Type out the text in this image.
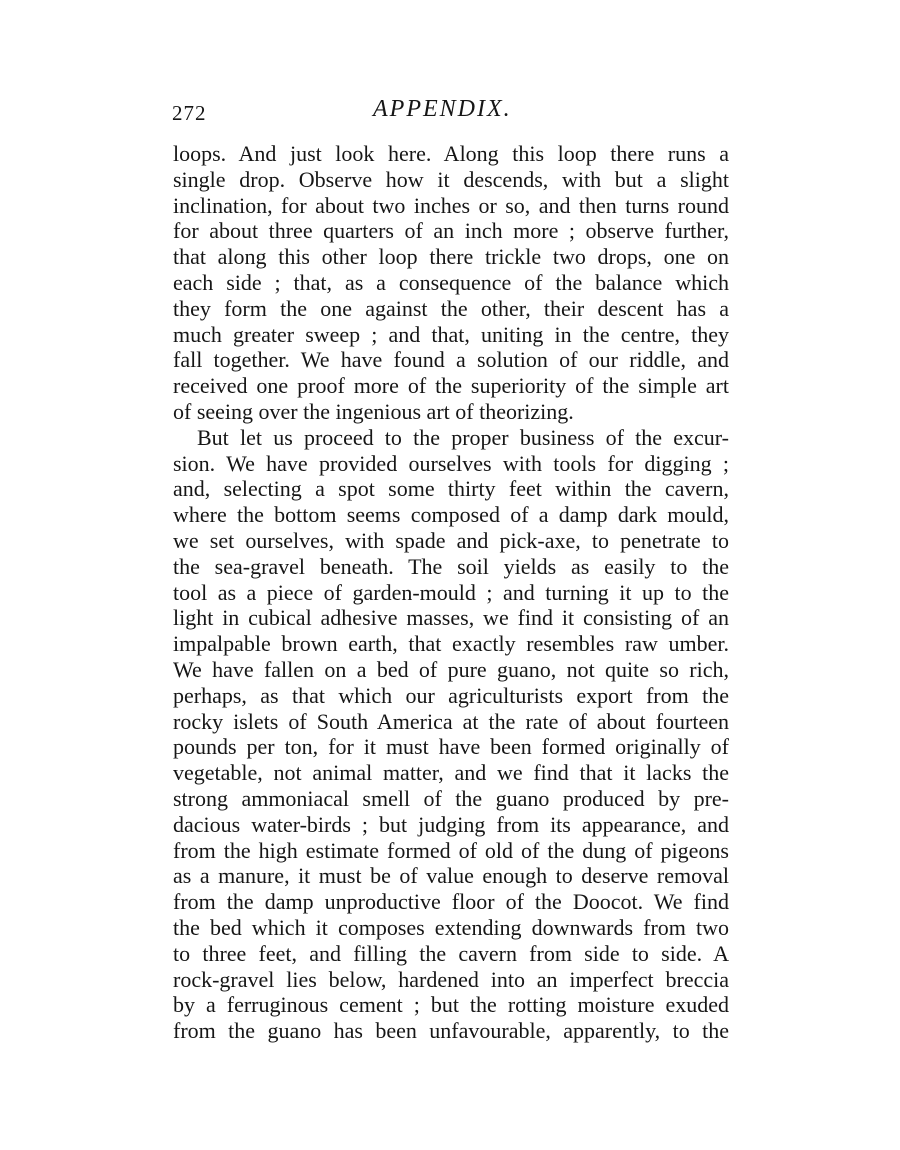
272	APPENDIX.
loops. And just look here. Along this loop there runs a
single drop. Observe how it descends, with but a slight
inclination, for about two inches or so, and then turns round
for about three quarters of an inch more ; observe further,
that along this other loop there trickle two drops, one on
each side ; that, as a consequence of the balance which
they form the one against the other, their descent has a
much greater sweep ; and that, uniting in the centre, they
fall together. We have found a solution of our riddle, and
received one proof more of the superiority of the simple art
of seeing over the ingenious art of theorizing.
But let us proceed to the proper business of the excur-
sion. We have provided ourselves with tools for digging ;
and, selecting a spot some thirty feet within the cavern,
where the bottom seems composed of a damp dark mould,
we set ourselves, with spade and pick-axe, to penetrate to
the sea-gravel beneath. The soil yields as easily to the
tool as a piece of garden-mould ; and turning it up to the
light in cubical adhesive masses, we find it consisting of an
impalpable brown earth, that exactly resembles raw umber.
We have fallen on a bed of pure guano, not quite so rich,
perhaps, as that which our agriculturists export from the
rocky islets of South America at the rate of about fourteen
pounds per ton, for it must have been formed originally of
vegetable, not animal matter, and we find that it lacks the
strong ammoniacal smell of the guano produced by pre-
dacious water-birds ; but judging from its appearance, and
from the high estimate formed of old of the dung of pigeons
as a manure, it must be of value enough to deserve removal
from the damp unproductive floor of the Doocot. We find
the bed which it composes extending downwards from two
to three feet, and filling the cavern from side to side. A
rock-gravel lies below, hardened into an imperfect breccia
by a ferruginous cement ; but the rotting moisture exuded
from the guano has been unfavourable, apparently, to the
